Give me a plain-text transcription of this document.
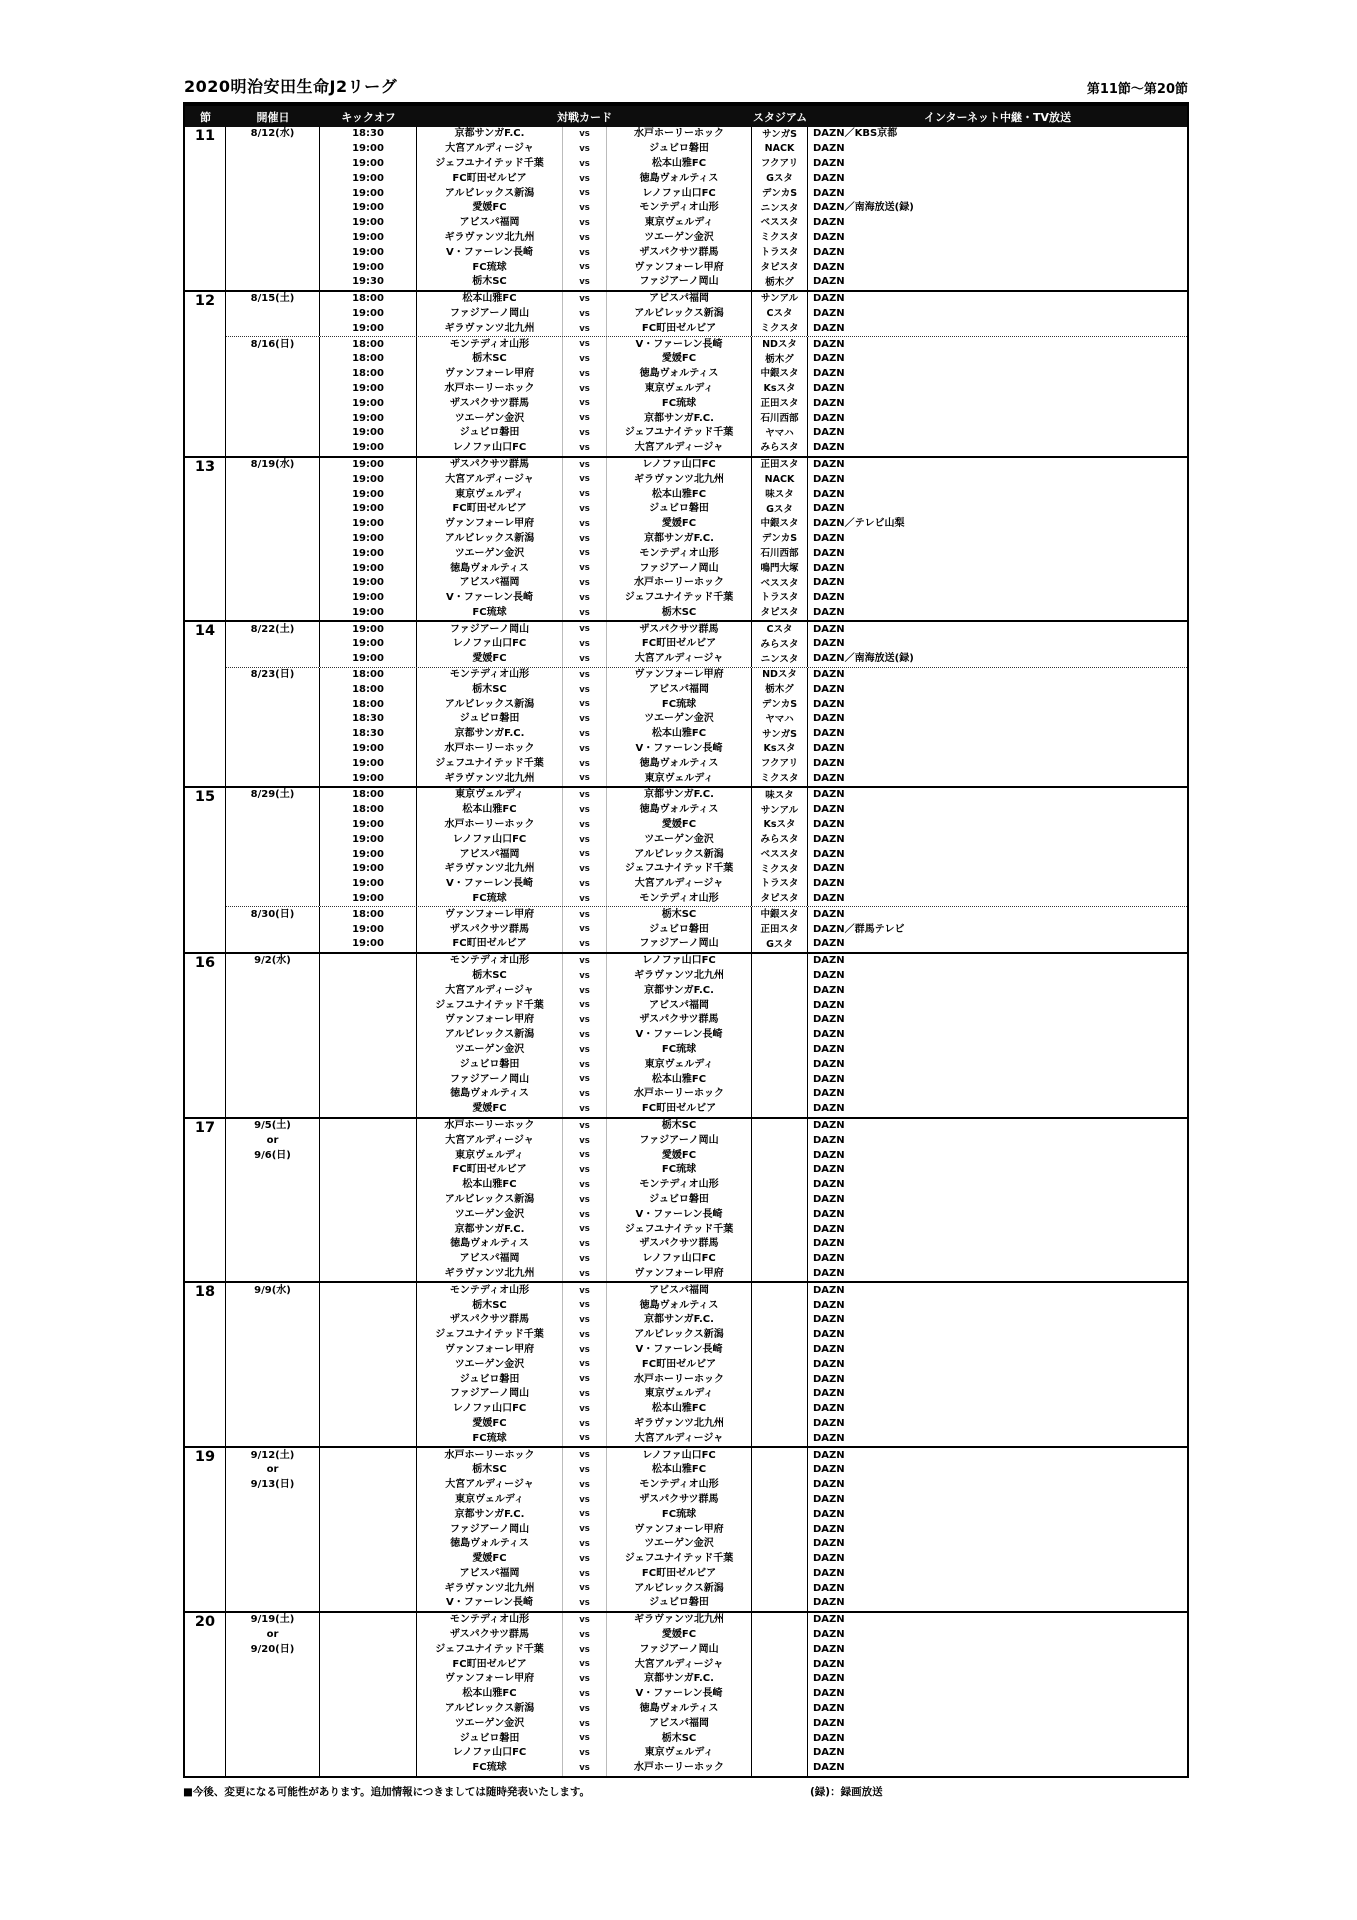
2020明治安田生命J2リーグ	第11節〜第20節
節	開催日	キックオフ	対戦カード	スタジアム	インターネット中継・TV放送
11	8/12(水)	18:30	京都サンガF.C.	vs	水戸ホーリーホック	サンガS	DAZN／KBS京都
19:00	大宮アルディージャ	vs	ジュビロ磐田	NACK	DAZN
19:00	ジェフユナイテッド千葉	vs	松本山雅FC	フクアリ	DAZN
19:00	FC町田ゼルビア	vs	徳島ヴォルティス	Gスタ	DAZN
19:00	アルビレックス新潟	vs	レノファ山口FC	デンカS	DAZN
19:00	愛媛FC	vs	モンテディオ山形	ニンスタ	DAZN／南海放送(録)
19:00	アビスパ福岡	vs	東京ヴェルディ	ベススタ	DAZN
19:00	ギラヴァンツ北九州	vs	ツエーゲン金沢	ミクスタ	DAZN
19:00	V・ファーレン長崎	vs	ザスパクサツ群馬	トラスタ	DAZN
19:00	FC琉球	vs	ヴァンフォーレ甲府	タピスタ	DAZN
19:30	栃木SC	vs	ファジアーノ岡山	栃木グ	DAZN
12	8/15(土)	18:00	松本山雅FC	vs	アビスパ福岡	サンアル	DAZN
19:00	ファジアーノ岡山	vs	アルビレックス新潟	Cスタ	DAZN
19:00	ギラヴァンツ北九州	vs	FC町田ゼルビア	ミクスタ	DAZN
8/16(日)	18:00	モンテディオ山形	vs	V・ファーレン長崎	NDスタ	DAZN
18:00	栃木SC	vs	愛媛FC	栃木グ	DAZN
18:00	ヴァンフォーレ甲府	vs	徳島ヴォルティス	中銀スタ	DAZN
19:00	水戸ホーリーホック	vs	東京ヴェルディ	Ksスタ	DAZN
19:00	ザスパクサツ群馬	vs	FC琉球	正田スタ	DAZN
19:00	ツエーゲン金沢	vs	京都サンガF.C.	石川西部	DAZN
19:00	ジュビロ磐田	vs	ジェフユナイテッド千葉	ヤマハ	DAZN
19:00	レノファ山口FC	vs	大宮アルディージャ	みらスタ	DAZN
13	8/19(水)	19:00	ザスパクサツ群馬	vs	レノファ山口FC	正田スタ	DAZN
19:00	大宮アルディージャ	vs	ギラヴァンツ北九州	NACK	DAZN
19:00	東京ヴェルディ	vs	松本山雅FC	味スタ	DAZN
19:00	FC町田ゼルビア	vs	ジュビロ磐田	Gスタ	DAZN
19:00	ヴァンフォーレ甲府	vs	愛媛FC	中銀スタ	DAZN／テレビ山梨
19:00	アルビレックス新潟	vs	京都サンガF.C.	デンカS	DAZN
19:00	ツエーゲン金沢	vs	モンテディオ山形	石川西部	DAZN
19:00	徳島ヴォルティス	vs	ファジアーノ岡山	鳴門大塚	DAZN
19:00	アビスパ福岡	vs	水戸ホーリーホック	ベススタ	DAZN
19:00	V・ファーレン長崎	vs	ジェフユナイテッド千葉	トラスタ	DAZN
19:00	FC琉球	vs	栃木SC	タピスタ	DAZN
14	8/22(土)	19:00	ファジアーノ岡山	vs	ザスパクサツ群馬	Cスタ	DAZN
19:00	レノファ山口FC	vs	FC町田ゼルビア	みらスタ	DAZN
19:00	愛媛FC	vs	大宮アルディージャ	ニンスタ	DAZN／南海放送(録)
8/23(日)	18:00	モンテディオ山形	vs	ヴァンフォーレ甲府	NDスタ	DAZN
18:00	栃木SC	vs	アビスパ福岡	栃木グ	DAZN
18:00	アルビレックス新潟	vs	FC琉球	デンカS	DAZN
18:30	ジュビロ磐田	vs	ツエーゲン金沢	ヤマハ	DAZN
18:30	京都サンガF.C.	vs	松本山雅FC	サンガS	DAZN
19:00	水戸ホーリーホック	vs	V・ファーレン長崎	Ksスタ	DAZN
19:00	ジェフユナイテッド千葉	vs	徳島ヴォルティス	フクアリ	DAZN
19:00	ギラヴァンツ北九州	vs	東京ヴェルディ	ミクスタ	DAZN
15	8/29(土)	18:00	東京ヴェルディ	vs	京都サンガF.C.	味スタ	DAZN
18:00	松本山雅FC	vs	徳島ヴォルティス	サンアル	DAZN
19:00	水戸ホーリーホック	vs	愛媛FC	Ksスタ	DAZN
19:00	レノファ山口FC	vs	ツエーゲン金沢	みらスタ	DAZN
19:00	アビスパ福岡	vs	アルビレックス新潟	ベススタ	DAZN
19:00	ギラヴァンツ北九州	vs	ジェフユナイテッド千葉	ミクスタ	DAZN
19:00	V・ファーレン長崎	vs	大宮アルディージャ	トラスタ	DAZN
19:00	FC琉球	vs	モンテディオ山形	タピスタ	DAZN
8/30(日)	18:00	ヴァンフォーレ甲府	vs	栃木SC	中銀スタ	DAZN
19:00	ザスパクサツ群馬	vs	ジュビロ磐田	正田スタ	DAZN／群馬テレビ
19:00	FC町田ゼルビア	vs	ファジアーノ岡山	Gスタ	DAZN
16	9/2(水)	モンテディオ山形	vs	レノファ山口FC	DAZN
栃木SC	vs	ギラヴァンツ北九州	DAZN
大宮アルディージャ	vs	京都サンガF.C.	DAZN
ジェフユナイテッド千葉	vs	アビスパ福岡	DAZN
ヴァンフォーレ甲府	vs	ザスパクサツ群馬	DAZN
アルビレックス新潟	vs	V・ファーレン長崎	DAZN
ツエーゲン金沢	vs	FC琉球	DAZN
ジュビロ磐田	vs	東京ヴェルディ	DAZN
ファジアーノ岡山	vs	松本山雅FC	DAZN
徳島ヴォルティス	vs	水戸ホーリーホック	DAZN
愛媛FC	vs	FC町田ゼルビア	DAZN
17	9/5(土)	水戸ホーリーホック	vs	栃木SC	DAZN
or	大宮アルディージャ	vs	ファジアーノ岡山	DAZN
9/6(日)	東京ヴェルディ	vs	愛媛FC	DAZN
FC町田ゼルビア	vs	FC琉球	DAZN
松本山雅FC	vs	モンテディオ山形	DAZN
アルビレックス新潟	vs	ジュビロ磐田	DAZN
ツエーゲン金沢	vs	V・ファーレン長崎	DAZN
京都サンガF.C.	vs	ジェフユナイテッド千葉	DAZN
徳島ヴォルティス	vs	ザスパクサツ群馬	DAZN
アビスパ福岡	vs	レノファ山口FC	DAZN
ギラヴァンツ北九州	vs	ヴァンフォーレ甲府	DAZN
18	9/9(水)	モンテディオ山形	vs	アビスパ福岡	DAZN
栃木SC	vs	徳島ヴォルティス	DAZN
ザスパクサツ群馬	vs	京都サンガF.C.	DAZN
ジェフユナイテッド千葉	vs	アルビレックス新潟	DAZN
ヴァンフォーレ甲府	vs	V・ファーレン長崎	DAZN
ツエーゲン金沢	vs	FC町田ゼルビア	DAZN
ジュビロ磐田	vs	水戸ホーリーホック	DAZN
ファジアーノ岡山	vs	東京ヴェルディ	DAZN
レノファ山口FC	vs	松本山雅FC	DAZN
愛媛FC	vs	ギラヴァンツ北九州	DAZN
FC琉球	vs	大宮アルディージャ	DAZN
19	9/12(土)	水戸ホーリーホック	vs	レノファ山口FC	DAZN
or	栃木SC	vs	松本山雅FC	DAZN
9/13(日)	大宮アルディージャ	vs	モンテディオ山形	DAZN
東京ヴェルディ	vs	ザスパクサツ群馬	DAZN
京都サンガF.C.	vs	FC琉球	DAZN
ファジアーノ岡山	vs	ヴァンフォーレ甲府	DAZN
徳島ヴォルティス	vs	ツエーゲン金沢	DAZN
愛媛FC	vs	ジェフユナイテッド千葉	DAZN
アビスパ福岡	vs	FC町田ゼルビア	DAZN
ギラヴァンツ北九州	vs	アルビレックス新潟	DAZN
V・ファーレン長崎	vs	ジュビロ磐田	DAZN
20	9/19(土)	モンテディオ山形	vs	ギラヴァンツ北九州	DAZN
or	ザスパクサツ群馬	vs	愛媛FC	DAZN
9/20(日)	ジェフユナイテッド千葉	vs	ファジアーノ岡山	DAZN
FC町田ゼルビア	vs	大宮アルディージャ	DAZN
ヴァンフォーレ甲府	vs	京都サンガF.C.	DAZN
松本山雅FC	vs	V・ファーレン長崎	DAZN
アルビレックス新潟	vs	徳島ヴォルティス	DAZN
ツエーゲン金沢	vs	アビスパ福岡	DAZN
ジュビロ磐田	vs	栃木SC	DAZN
レノファ山口FC	vs	東京ヴェルディ	DAZN
FC琉球	vs	水戸ホーリーホック	DAZN
■今後、変更になる可能性があります。追加情報につきましては随時発表いたします。	(録)：録画放送
